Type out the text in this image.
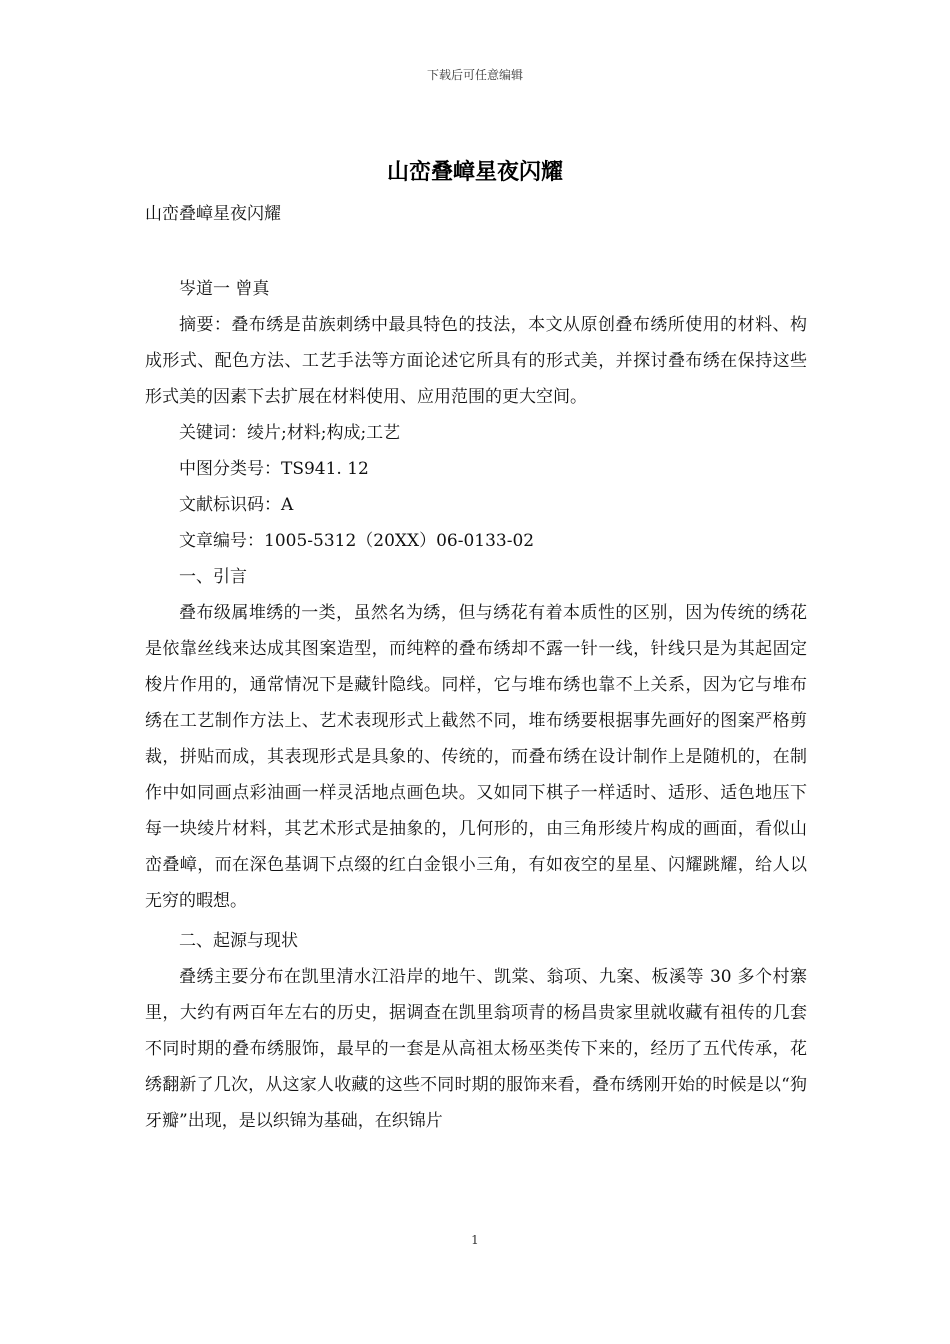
下载后可任意编辑
山峦叠嶂星夜闪耀

山峦叠嶂星夜闪耀

岑道一 曾真

摘要：叠布绣是苗族刺绣中最具特色的技法，本文从原创叠布绣所使用的材料、构成形式、配色方法、工艺手法等方面论述它所具有的形式美，并探讨叠布绣在保持这些形式美的因素下去扩展在材料使用、应用范围的更大空间。

关键词：绫片;材料;构成;工艺

中图分类号：TS941. 12

文献标识码：A

文章编号：1005-5312（20XX）06-0133-02

一、引言

叠布级属堆绣的一类，虽然名为绣，但与绣花有着本质性的区别，因为传统的绣花是依靠丝线来达成其图案造型，而纯粹的叠布绣却不露一针一线，针线只是为其起固定梭片作用的，通常情况下是藏针隐线。同样，它与堆布绣也靠不上关系，因为它与堆布绣在工艺制作方法上、艺术表现形式上截然不同，堆布绣要根据事先画好的图案严格剪裁，拼贴而成，其表现形式是具象的、传统的，而叠布绣在设计制作上是随机的，在制作中如同画点彩油画一样灵活地点画色块。又如同下棋子一样适时、适形、适色地压下每一块绫片材料，其艺术形式是抽象的，几何形的，由三角形绫片构成的画面，看似山峦叠嶂，而在深色基调下点缀的红白金银小三角，有如夜空的星星、闪耀跳耀，给人以无穷的暇想。

二、起源与现状

叠绣主要分布在凯里清水江沿岸的地午、凯棠、翁项、九案、板溪等 30 多个村寨里，大约有两百年左右的历史，据调查在凯里翁项青的杨昌贵家里就收藏有祖传的几套不同时期的叠布绣服饰，最早的一套是从高祖太杨巫类传下来的，经历了五代传承，花绣翻新了几次，从这家人收藏的这些不同时期的服饰来看，叠布绣刚开始的时候是以“狗牙瓣”出现，是以织锦为基础，在织锦片

1
